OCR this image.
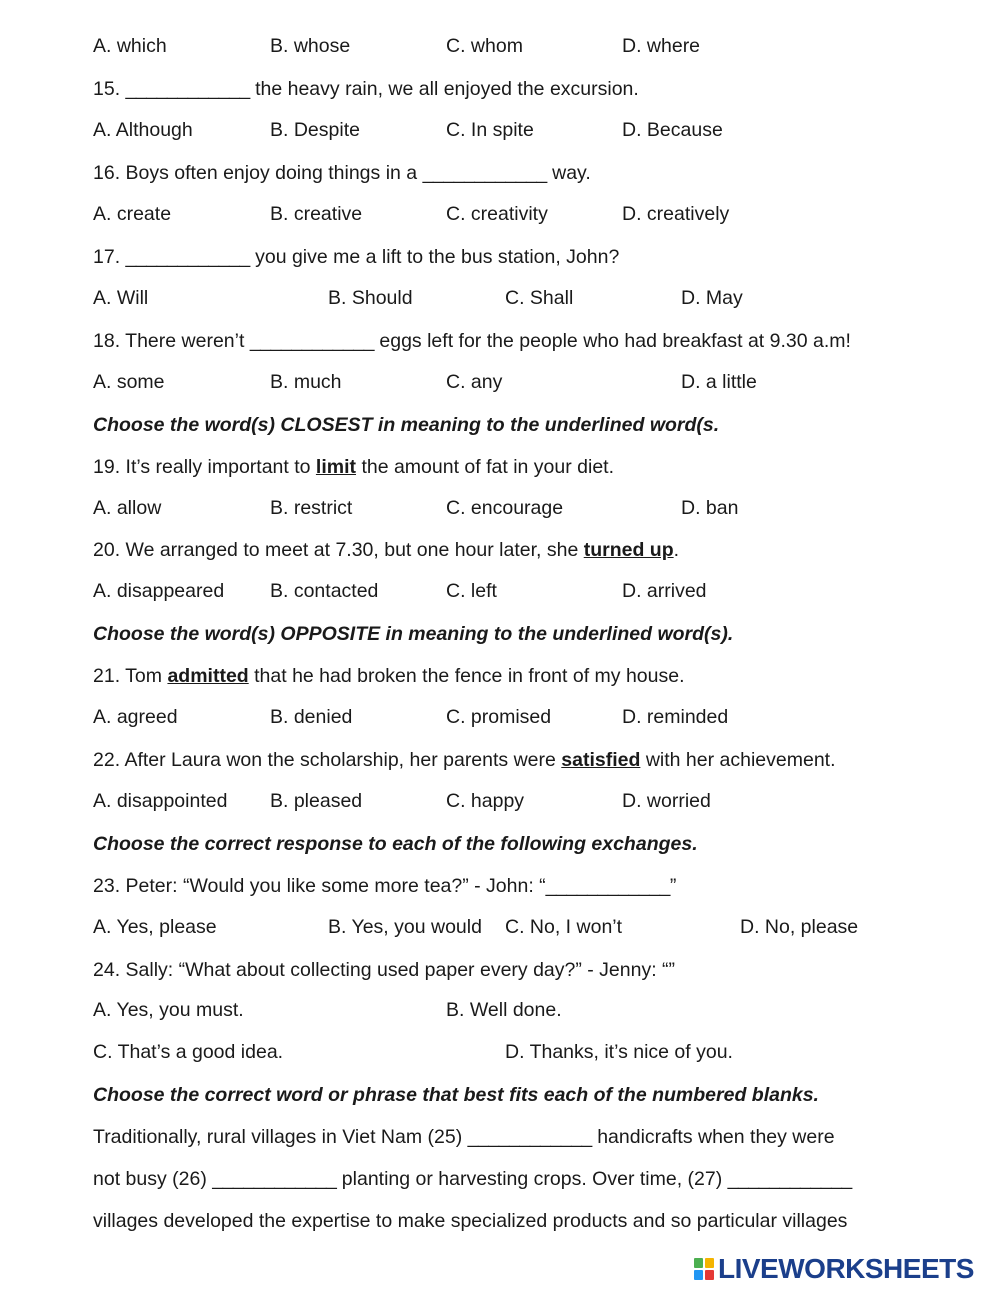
A. which	B. whose	C. whom	D. where
15. ____________ the heavy rain, we all enjoyed the excursion.
A. Although	B. Despite	C. In spite	D. Because
16. Boys often enjoy doing things in a ____________ way.
A. create	B. creative	C. creativity	D. creatively
17. ____________ you give me a lift to the bus station, John?
A. Will	B. Should	C. Shall	D. May
18. There weren’t ____________ eggs left for the people who had breakfast at 9.30 a.m!
A. some	B. much	C. any	D. a little
Choose the word(s) CLOSEST in meaning to the underlined word(s.
19. It’s really important to limit the amount of fat in your diet.
A. allow	B. restrict	C. encourage	D. ban
20. We arranged to meet at 7.30, but one hour later, she turned up.
A. disappeared B. contacted	C. left	D. arrived
Choose the word(s) OPPOSITE in meaning to the underlined word(s).
21. Tom admitted that he had broken the fence in front of my house.
A. agreed	B. denied	C. promised	D. reminded
22. After Laura won the scholarship, her parents were satisfied with her achievement.
A. disappointed B. pleased	C. happy	D. worried
Choose the correct response to each of the following exchanges.
23. Peter: “Would you like some more tea?” - John: “____________”
A. Yes, please	B. Yes, you would C. No, I won’t	D. No, please
24. Sally: “What about collecting used paper every day?” - Jenny: “”
A. Yes, you must.	B. Well done.
C. That’s a good idea.	D. Thanks, it’s nice of you.
Choose the correct word or phrase that best fits each of the numbered blanks.
Traditionally, rural villages in Viet Nam (25) ____________ handicrafts when they were
not busy (26) ____________ planting or harvesting crops. Over time, (27) ____________
villages developed the expertise to make specialized products and so particular villages
LIVEWORKSHEETS
